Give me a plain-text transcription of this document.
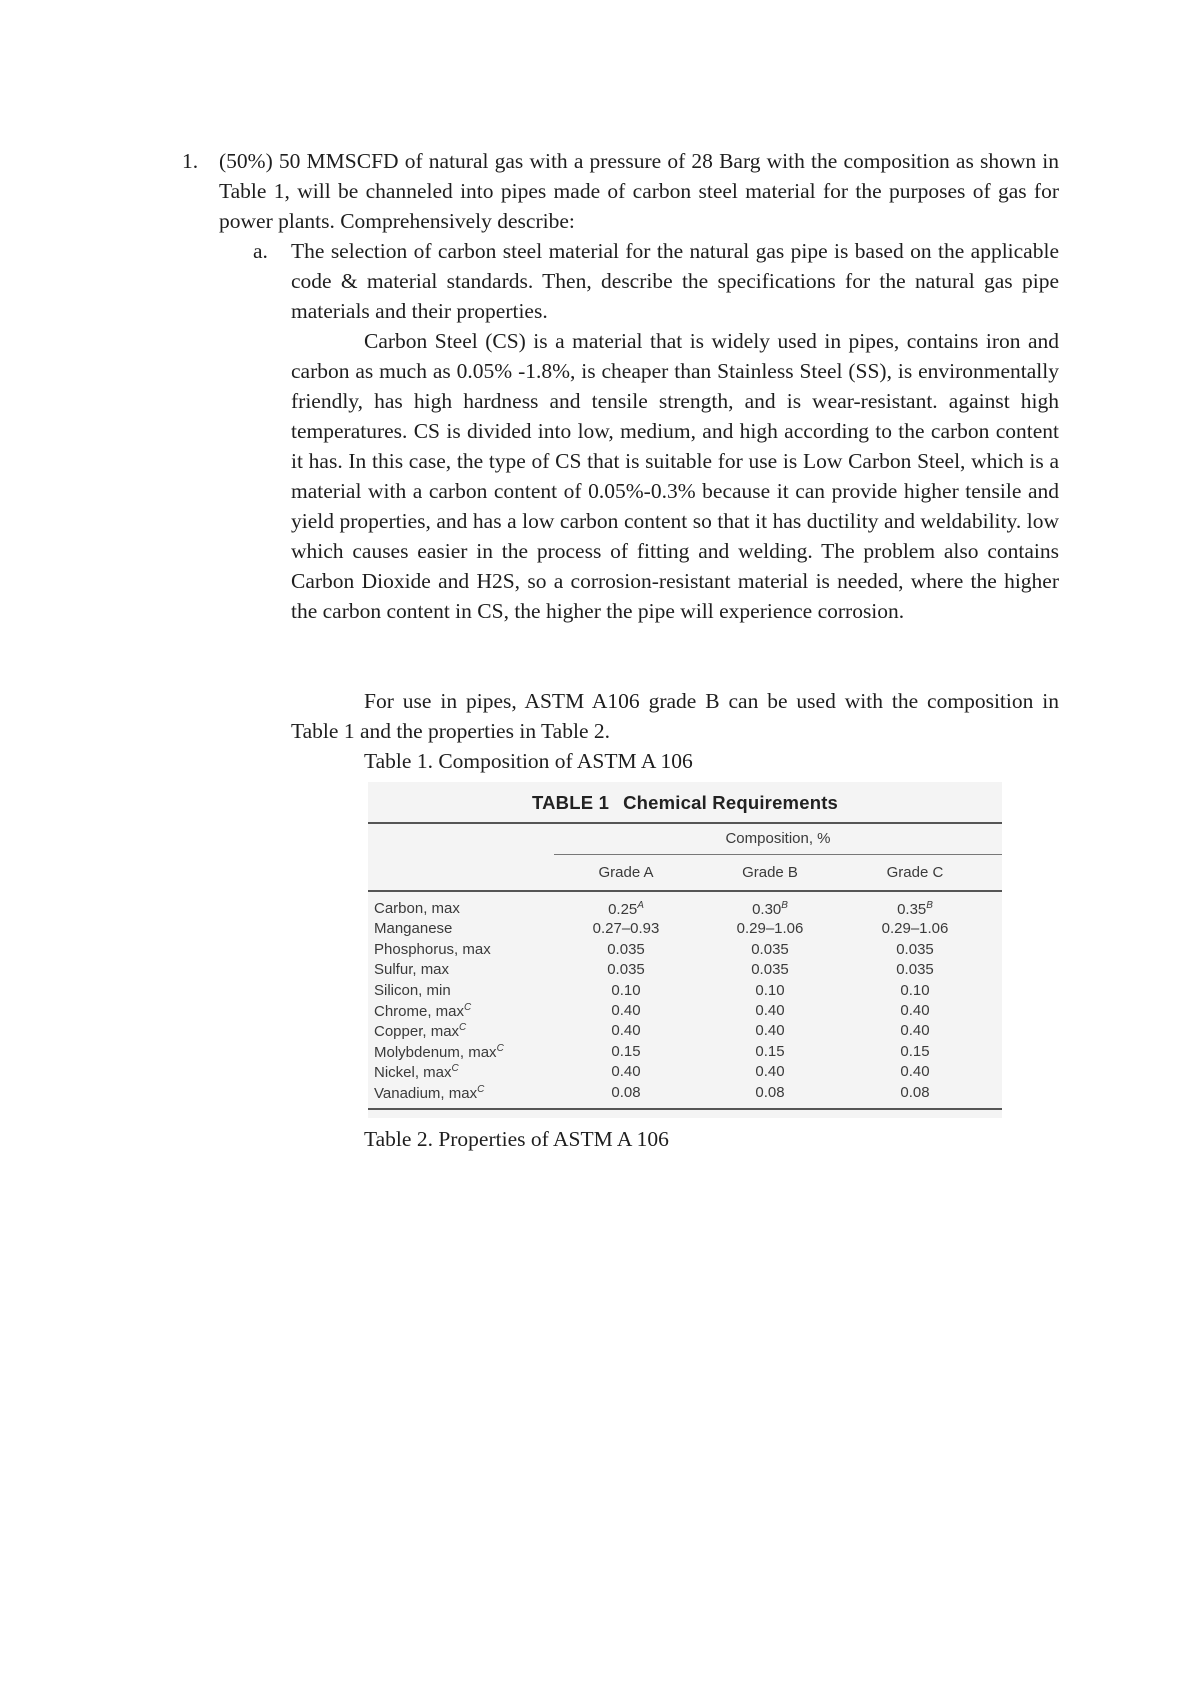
1. (50%) 50 MMSCFD of natural gas with a pressure of 28 Barg with the composition as shown in Table 1, will be channeled into pipes made of carbon steel material for the purposes of gas for power plants. Comprehensively describe:

a. The selection of carbon steel material for the natural gas pipe is based on the applicable code & material standards. Then, describe the specifications for the natural gas pipe materials and their properties.

Carbon Steel (CS) is a material that is widely used in pipes, contains iron and carbon as much as 0.05% -1.8%, is cheaper than Stainless Steel (SS), is environmentally friendly, has high hardness and tensile strength, and is wear-resistant. against high temperatures. CS is divided into low, medium, and high according to the carbon content it has. In this case, the type of CS that is suitable for use is Low Carbon Steel, which is a material with a carbon content of 0.05%-0.3% because it can provide higher tensile and yield properties, and has a low carbon content so that it has ductility and weldability. low which causes easier in the process of fitting and welding. The problem also contains Carbon Dioxide and H2S, so a corrosion-resistant material is needed, where the higher the carbon content in CS, the higher the pipe will experience corrosion.

For use in pipes, ASTM A106 grade B can be used with the composition in Table 1 and the properties in Table 2.

Table 1. Composition of ASTM A 106

TABLE 1 Chemical Requirements
Composition, %
Grade A	Grade B	Grade C
Carbon, max	$0.25^A$	$0.30^B$	$0.35^B$
Manganese	0.27–0.93	0.29–1.06	0.29–1.06
Phosphorus, max	0.035	0.035	0.035
Sulfur, max	0.035	0.035	0.035
Silicon, min	0.10	0.10	0.10
Chrome, $\max^C$	0.40	0.40	0.40
Copper, $\max^C$	0.40	0.40	0.40
Molybdenum, $\max^C$	0.15	0.15	0.15
Nickel, $\max^C$	0.40	0.40	0.40
Vanadium, $\max^C$	0.08	0.08	0.08

Table 2. Properties of ASTM A 106
